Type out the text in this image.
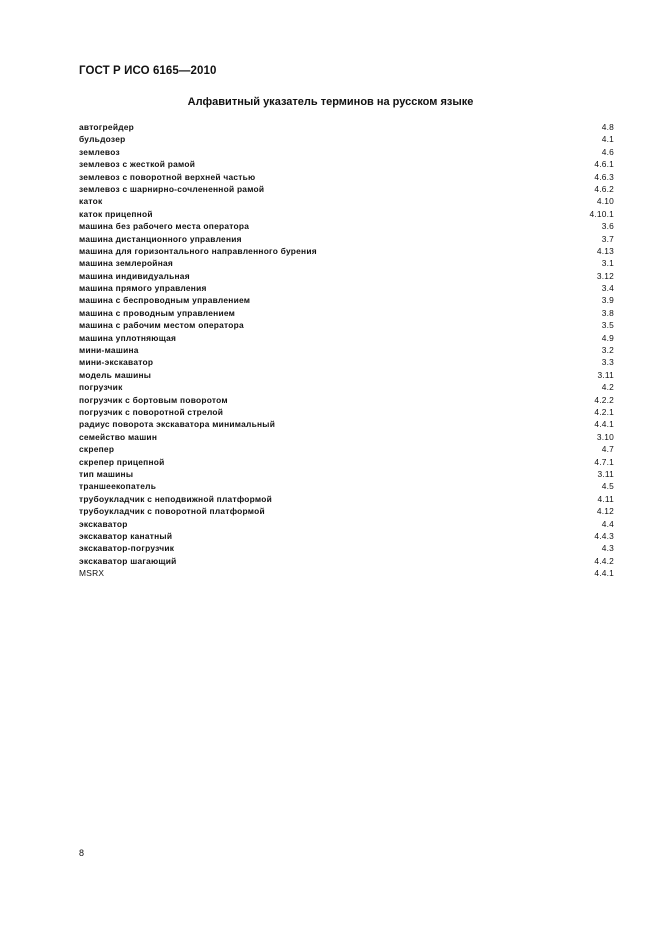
ГОСТ Р ИСО 6165—2010
Алфавитный указатель терминов на русском языке
автогрейдер	4.8
бульдозер	4.1
землевоз	4.6
землевоз с жесткой рамой	4.6.1
землевоз с поворотной верхней частью	4.6.3
землевоз с шарнирно-сочлененной рамой	4.6.2
каток	4.10
каток прицепной	4.10.1
машина без рабочего места оператора	3.6
машина дистанционного управления	3.7
машина для горизонтального направленного бурения	4.13
машина землеройная	3.1
машина индивидуальная	3.12
машина прямого управления	3.4
машина с беспроводным управлением	3.9
машина с проводным управлением	3.8
машина с рабочим местом оператора	3.5
машина уплотняющая	4.9
мини-машина	3.2
мини-экскаватор	3.3
модель машины	3.11
погрузчик	4.2
погрузчик с бортовым поворотом	4.2.2
погрузчик с поворотной стрелой	4.2.1
радиус поворота экскаватора минимальный	4.4.1
семейство машин	3.10
скрепер	4.7
скрепер прицепной	4.7.1
тип машины	3.11
траншеекопатель	4.5
трубоукладчик с неподвижной платформой	4.11
трубоукладчик с поворотной платформой	4.12
экскаватор	4.4
экскаватор канатный	4.4.3
экскаватор-погрузчик	4.3
экскаватор шагающий	4.4.2
MSRX	4.4.1
8
